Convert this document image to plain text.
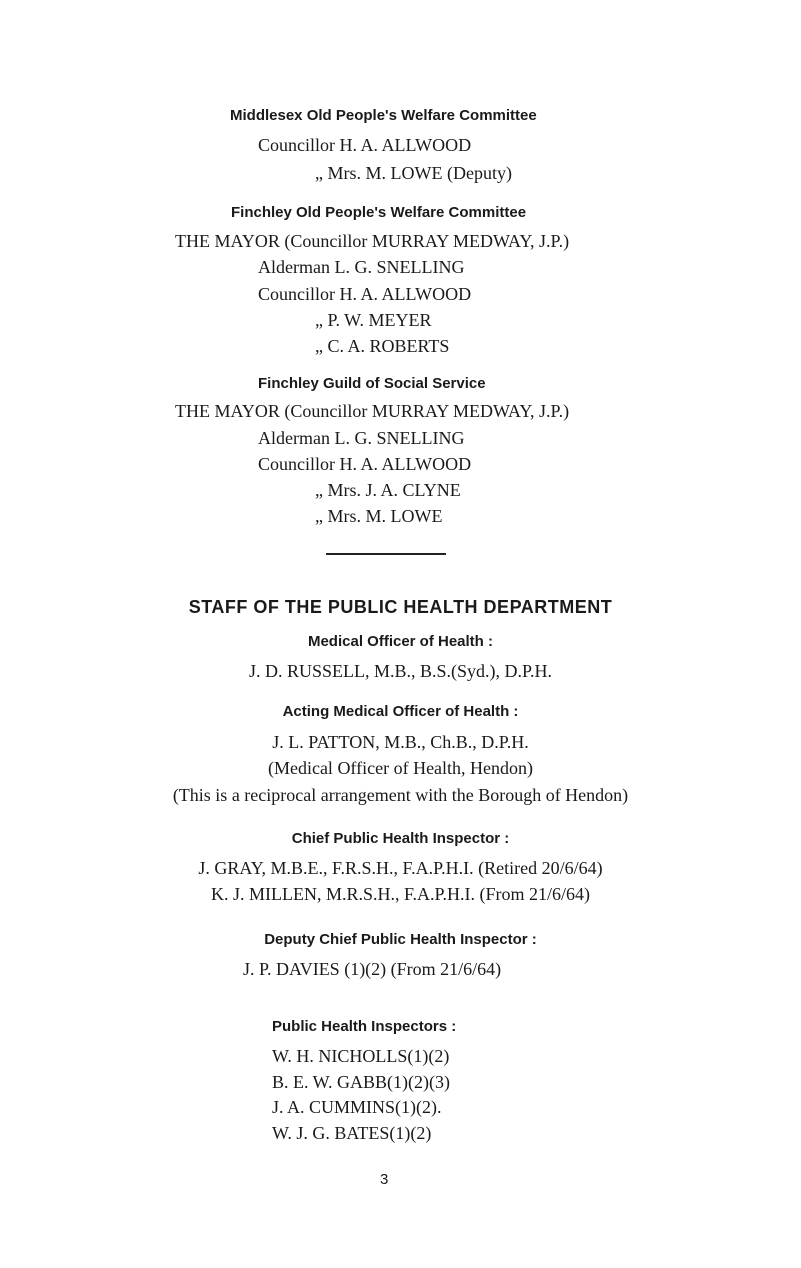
Middlesex Old People's Welfare Committee
Councillor H. A. ALLWOOD
„ Mrs. M. LOWE (Deputy)
Finchley Old People's Welfare Committee
THE MAYOR (Councillor MURRAY MEDWAY, J.P.)
Alderman L. G. SNELLING
Councillor H. A. ALLWOOD
„ P. W. MEYER
„ C. A. ROBERTS
Finchley Guild of Social Service
THE MAYOR (Councillor MURRAY MEDWAY, J.P.)
Alderman L. G. SNELLING
Councillor H. A. ALLWOOD
„ Mrs. J. A. CLYNE
„ Mrs. M. LOWE
STAFF OF THE PUBLIC HEALTH DEPARTMENT
Medical Officer of Health :
J. D. RUSSELL, M.B., B.S.(Syd.), D.P.H.
Acting Medical Officer of Health :
J. L. PATTON, M.B., Ch.B., D.P.H.
(Medical Officer of Health, Hendon)
(This is a reciprocal arrangement with the Borough of Hendon)
Chief Public Health Inspector :
J. GRAY, M.B.E., F.R.S.H., F.A.P.H.I. (Retired 20/6/64)
K. J. MILLEN, M.R.S.H., F.A.P.H.I. (From 21/6/64)
Deputy Chief Public Health Inspector :
J. P. DAVIES (1)(2) (From 21/6/64)
Public Health Inspectors :
W. H. NICHOLLS(1)(2)
B. E. W. GABB(1)(2)(3)
J. A. CUMMINS(1)(2).
W. J. G. BATES(1)(2)
3
